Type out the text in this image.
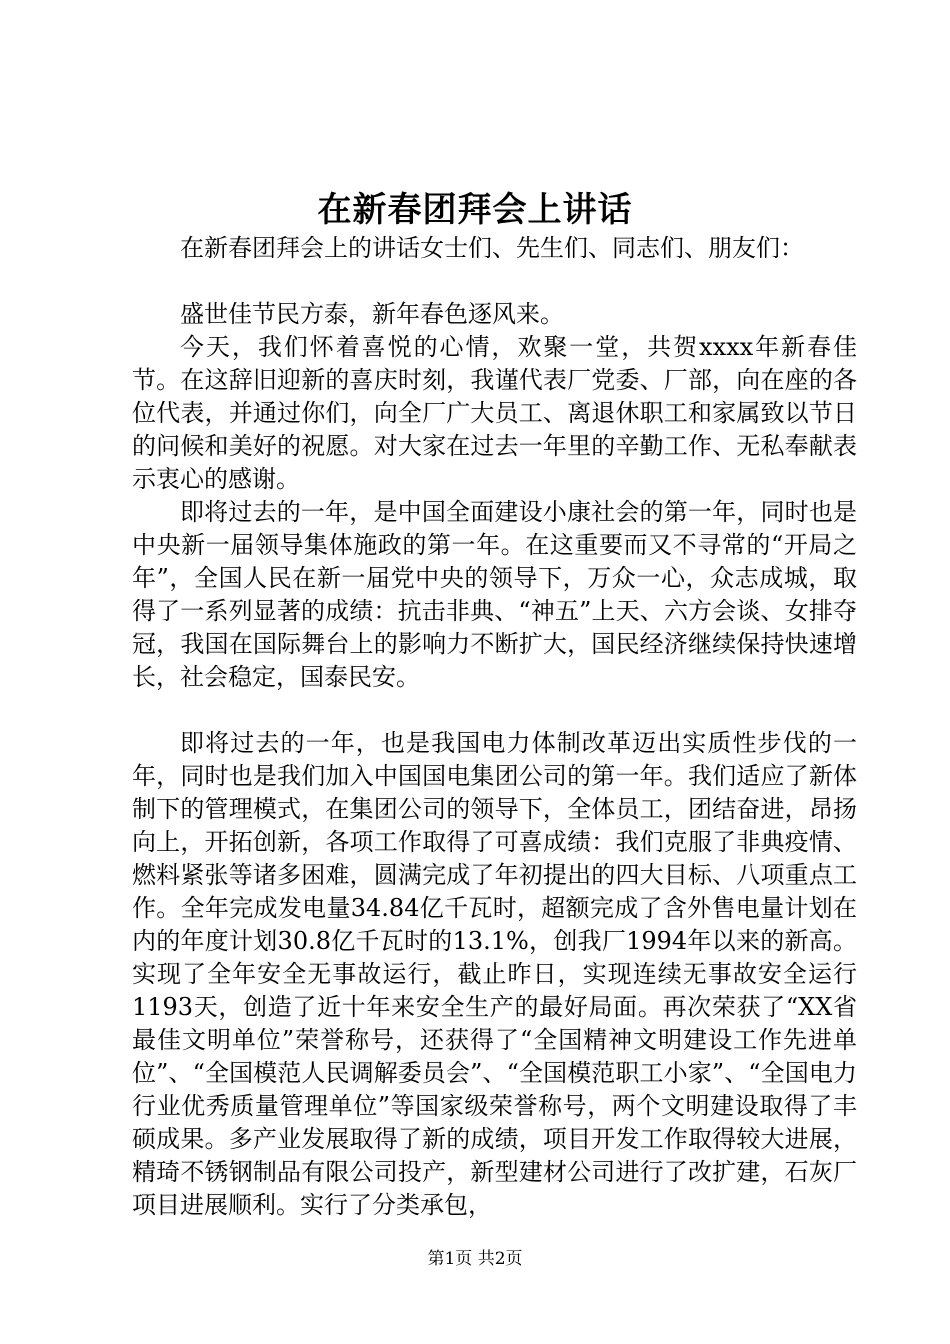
在新春团拜会上讲话

在新春团拜会上的讲话女士们、先生们、同志们、朋友们：

盛世佳节民方泰，新年春色逐风来。

今天，我们怀着喜悦的心情，欢聚一堂，共贺xxxx年新春佳节。在这辞旧迎新的喜庆时刻，我谨代表厂党委、厂部，向在座的各位代表，并通过你们，向全厂广大员工、离退休职工和家属致以节日的问候和美好的祝愿。对大家在过去一年里的辛勤工作、无私奉献表示衷心的感谢。

即将过去的一年，是中国全面建设小康社会的第一年，同时也是中央新一届领导集体施政的第一年。在这重要而又不寻常的“开局之年”，全国人民在新一届党中央的领导下，万众一心，众志成城，取得了一系列显著的成绩：抗击非典、“神五”上天、六方会谈、女排夺冠，我国在国际舞台上的影响力不断扩大，国民经济继续保持快速增长，社会稳定，国泰民安。

即将过去的一年，也是我国电力体制改革迈出实质性步伐的一年，同时也是我们加入中国国电集团公司的第一年。我们适应了新体制下的管理模式，在集团公司的领导下，全体员工，团结奋进，昂扬向上，开拓创新，各项工作取得了可喜成绩：我们克服了非典疫情、燃料紧张等诸多困难，圆满完成了年初提出的四大目标、八项重点工作。全年完成发电量34.84亿千瓦时，超额完成了含外售电量计划在内的年度计划30.8亿千瓦时的13.1%，创我厂1994年以来的新高。实现了全年安全无事故运行，截止昨日，实现连续无事故安全运行1193天，创造了近十年来安全生产的最好局面。再次荣获了“XX省最佳文明单位”荣誉称号，还获得了“全国精神文明建设工作先进单位”、“全国模范人民调解委员会”、“全国模范职工小家”、“全国电力行业优秀质量管理单位”等国家级荣誉称号，两个文明建设取得了丰硕成果。多产业发展取得了新的成绩，项目开发工作取得较大进展，精琦不锈钢制品有限公司投产，新型建材公司进行了改扩建，石灰厂项目进展顺利。实行了分类承包，

第1页 共2页
